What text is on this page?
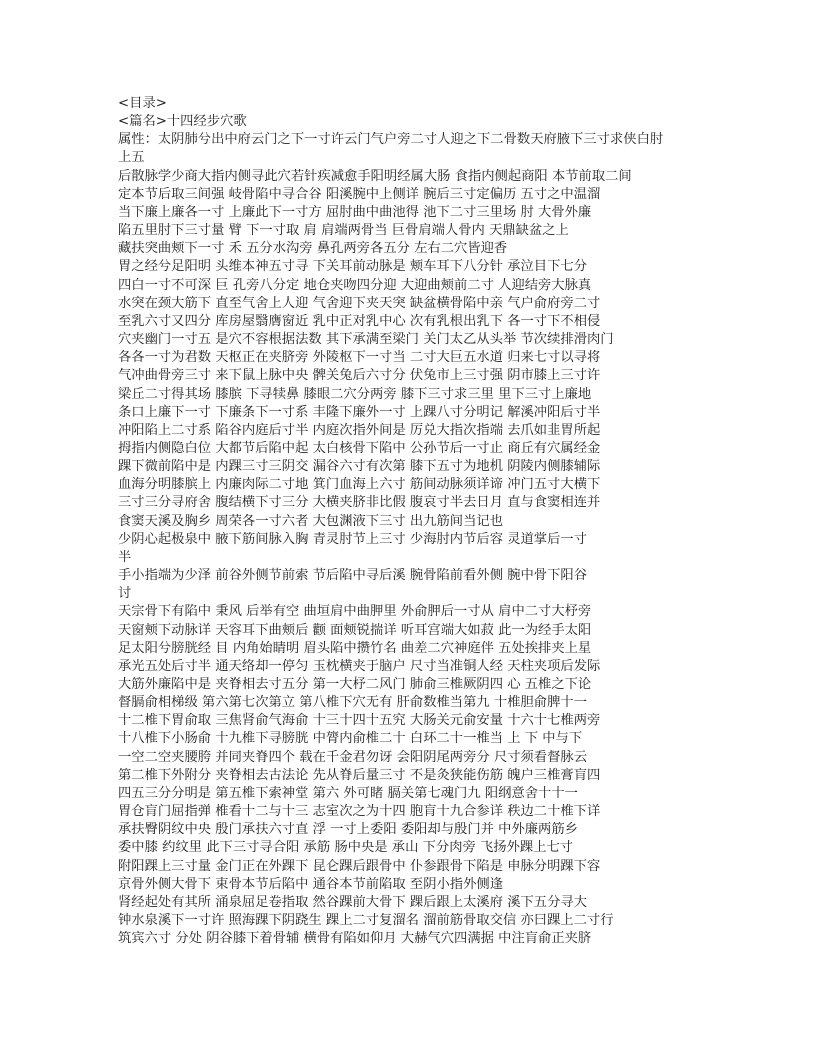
<目录>
<篇名>十四经步穴歌
属性：太阴肺兮出中府云门之下一寸许云门气户旁二寸人迎之下二骨数天府腋下三寸求侠白肘
上五
后散脉学少商大指内侧寻此穴若针疾减愈手阳明经属大肠 食指内侧起商阳 本节前取二间
定本节后取三间强 岐骨陷中寻合谷 阳溪腕中上侧详 腕后三寸定偏历 五寸之中温溜
当下廉上廉各一寸 上廉此下一寸方 屈肘曲中曲池得 池下二寸三里场 肘 大骨外廉
陷五里肘下三寸量 臂 下一寸取 肩 肩端两骨当 巨骨肩端人骨内 天鼎缺盆之上
藏扶突曲颊下一寸 禾 五分水沟旁 鼻孔两旁各五分 左右二穴皆迎香
胃之经兮足阳明 头维本神五寸寻 下关耳前动脉是 颊车耳下八分针 承泣目下七分
四白一寸不可深 巨 孔旁八分定 地仓夹吻四分迎 大迎曲颊前二寸 人迎结旁大脉真
水突在颈大筋下 直至气舍上人迎 气舍迎下夹天突 缺盆横骨陷中亲 气户俞府旁二寸
至乳六寸又四分 库房屋翳膺窗近 乳中正对乳中心 次有乳根出乳下 各一寸下不相侵
穴夹幽门一寸五 是穴不容根据法数 其下承满至梁门 关门太乙从头举 节次续排滑肉门
各各一寸为君数 天枢正在夹脐旁 外陵枢下一寸当 二寸大巨五水道 归来七寸以寻将
气冲曲骨旁三寸 来下鼠上脉中央 髀关兔后六寸分 伏兔市上三寸强 阴市膝上三寸许
梁丘二寸得其场 膝膑 下寻犊鼻 膝眼二穴分两旁 膝下三寸求三里 里下三寸上廉地
条口上廉下一寸 下廉条下一寸系 丰隆下廉外一寸 上踝八寸分明记 解溪冲阳后寸半
冲阳陷上二寸系 陷谷内庭后寸半 内庭次指外间是 厉兑大指次指端 去爪如韭胃所起
拇指内侧隐白位 大都节后陷中起 太白核骨下陷中 公孙节后一寸止 商丘有穴属经金
踝下微前陷中是 内踝三寸三阴交 漏谷六寸有次第 膝下五寸为地机 阴陵内侧膝辅际
血海分明膝膑上 内廉肉际二寸地 箕门血海上六寸 筋间动脉须详谛 冲门五寸大横下
三寸三分寻府舍 腹结横下寸三分 大横夹脐非比假 腹哀寸半去日月 直与食窦相连并
食窦天溪及胸乡 周荣各一寸六者 大包渊液下三寸 出九筋间当记也
少阴心起极泉中 腋下筋间脉入胸 青灵肘节上三寸 少海肘内节后容 灵道掌后一寸
半
手小指端为少泽 前谷外侧节前索 节后陷中寻后溪 腕骨陷前看外侧 腕中骨下阳谷
讨
天宗骨下有陷中 秉风 后举有空 曲垣肩中曲胛里 外俞胛后一寸从 肩中二寸大杼旁
天窗颊下动脉详 天容耳下曲颊后 颧 面颊锐揣详 听耳宫端大如菽 此一为经手太阳
足太阳兮膀胱经 目 内角始睛明 眉头陷中攒竹名 曲差二穴神庭伴 五处挨排夹上星
承光五处后寸半 通天络却一停匀 玉枕横夹于脑户 尺寸当准铜人经 天柱夹项后发际
大筋外廉陷中是 夹脊相去寸五分 第一大杼二风门 肺俞三椎厥阴四 心 五椎之下论
督膈俞相梯级 第六第七次第立 第八椎下穴无有 肝俞数椎当第九 十椎胆俞脾十一
十二椎下胃俞取 三焦肾俞气海俞 十三十四十五究 大肠关元俞安量 十六十七椎两旁
十八椎下小肠俞 十九椎下寻膀胱 中膂内俞椎二十 白环二十一椎当 上 下 中与下
一空二空夹腰胯 并同夹脊四个 载在千金君勿讶 会阳阴尾两旁分 尺寸须看督脉云
第二椎下外附分 夹脊相去古法论 先从脊后量三寸 不是灸狭能伤筋 魄户三椎膏肓四
四五三分分明是 第五椎下索神堂 第六 外可睹 膈关第七魂门九 阳纲意舍十十一
胃仓肓门屈指弹 椎看十二与十三 志室次之为十四 胞肓十九合参详 秩边二十椎下详
承扶臀阴纹中央 殷门承扶六寸直 浮 一寸上委阳 委阳却与殷门并 中外廉两筋乡
委中膝 约纹里 此下三寸寻合阳 承筋 肠中央是 承山 下分肉旁 飞扬外踝上七寸
附阳踝上三寸量 金门正在外踝下 昆仑踝后跟骨中 仆参跟骨下陷是 申脉分明踝下容
京骨外侧大骨下 束骨本节后陷中 通谷本节前陷取 至阴小指外侧逢
肾经起处有其所 涌泉屈足卷指取 然谷踝前大骨下 踝后跟上太溪府 溪下五分寻大
钟水泉溪下一寸许 照海踝下阴跷生 踝上二寸复溜名 溜前筋骨取交信 亦曰踝上二寸行
筑宾六寸 分处 阴谷膝下着骨辅 横骨有陷如仰月 大赫气穴四满据 中注肓俞正夹脐
